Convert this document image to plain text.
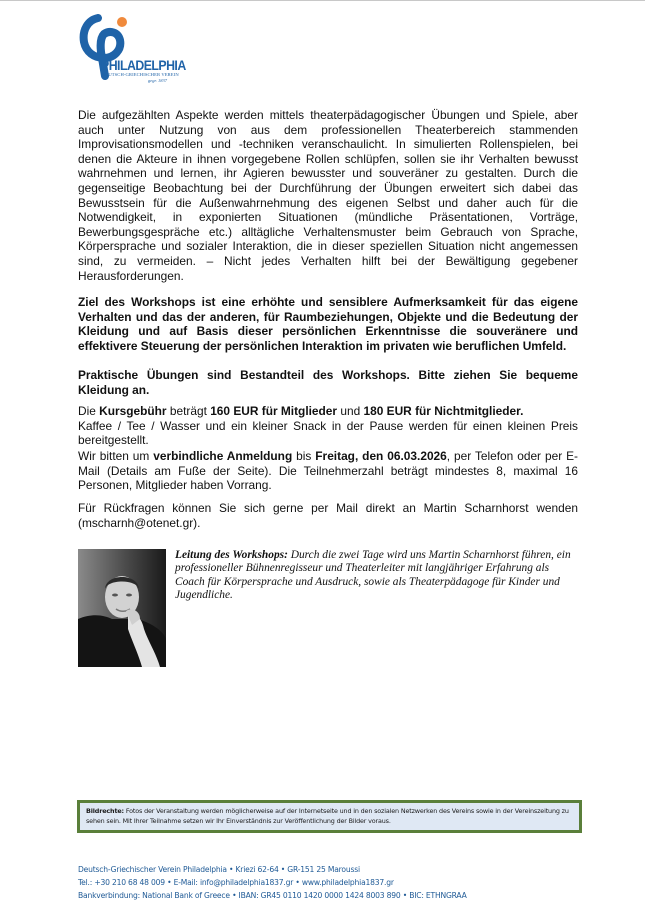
PHILADELPHIA
DEUTSCH-GRIECHISCHER VEREIN
gegr. 1837

Die aufgezählten Aspekte werden mittels theaterpädagogischer Übungen und Spiele, aber auch unter Nutzung von aus dem professionellen Theaterbereich stammenden Improvisationsmodellen und -techniken veranschaulicht. In simulierten Rollenspielen, bei denen die Akteure in ihnen vorgegebene Rollen schlüpfen, sollen sie ihr Verhalten bewusst wahrnehmen und lernen, ihr Agieren bewusster und souveräner zu gestalten. Durch die gegenseitige Beobachtung bei der Durchführung der Übungen erweitert sich dabei das Bewusstsein für die Außenwahrnehmung des eigenen Selbst und daher auch für die Notwendigkeit, in exponierten Situationen (mündliche Präsentationen, Vorträge, Bewerbungsgespräche etc.) alltägliche Verhaltensmuster beim Gebrauch von Sprache, Körpersprache und sozialer Interaktion, die in dieser speziellen Situation nicht angemessen sind, zu vermeiden. – Nicht jedes Verhalten hilft bei der Bewältigung gegebener Herausforderungen.

Ziel des Workshops ist eine erhöhte und sensiblere Aufmerksamkeit für das eigene Verhalten und das der anderen, für Raumbeziehungen, Objekte und die Bedeutung der Kleidung und auf Basis dieser persönlichen Erkenntnisse die souveränere und effektivere Steuerung der persönlichen Interaktion im privaten wie beruflichen Umfeld.

Praktische Übungen sind Bestandteil des Workshops. Bitte ziehen Sie bequeme Kleidung an.

Die Kursgebühr beträgt 160 EUR für Mitglieder und 180 EUR für Nichtmitglieder.
Kaffee / Tee / Wasser und ein kleiner Snack in der Pause werden für einen kleinen Preis bereitgestellt.

Wir bitten um verbindliche Anmeldung bis Freitag, den 06.03.2026, per Telefon oder per E-Mail (Details am Fuße der Seite). Die Teilnehmerzahl beträgt mindestes 8, maximal 16 Personen, Mitglieder haben Vorrang.

Für Rückfragen können Sie sich gerne per Mail direkt an Martin Scharnhorst wenden (mscharnh@otenet.gr).

Leitung des Workshops: Durch die zwei Tage wird uns Martin Scharnhorst führen, ein professioneller Bühnenregisseur und Theaterleiter mit langjähriger Erfahrung als Coach für Körpersprache und Ausdruck, sowie als Theaterpädagoge für Kinder und Jugendliche.

Bildrechte: Fotos der Veranstaltung werden möglicherweise auf der Internetseite und in den sozialen Netzwerken des Vereins sowie in der Vereinszeitung zu sehen sein. Mit Ihrer Teilnahme setzen wir Ihr Einverständnis zur Veröffentlichung der Bilder voraus.

Deutsch-Griechischer Verein Philadelphia • Kriezi 62-64 • GR-151 25 Maroussi
Tel.: +30 210 68 48 009 • E-Mail: info@philadelphia1837.gr • www.philadelphia1837.gr
Bankverbindung: National Bank of Greece • IBAN: GR45 0110 1420 0000 1424 8003 890 • BIC: ETHNGRAA
